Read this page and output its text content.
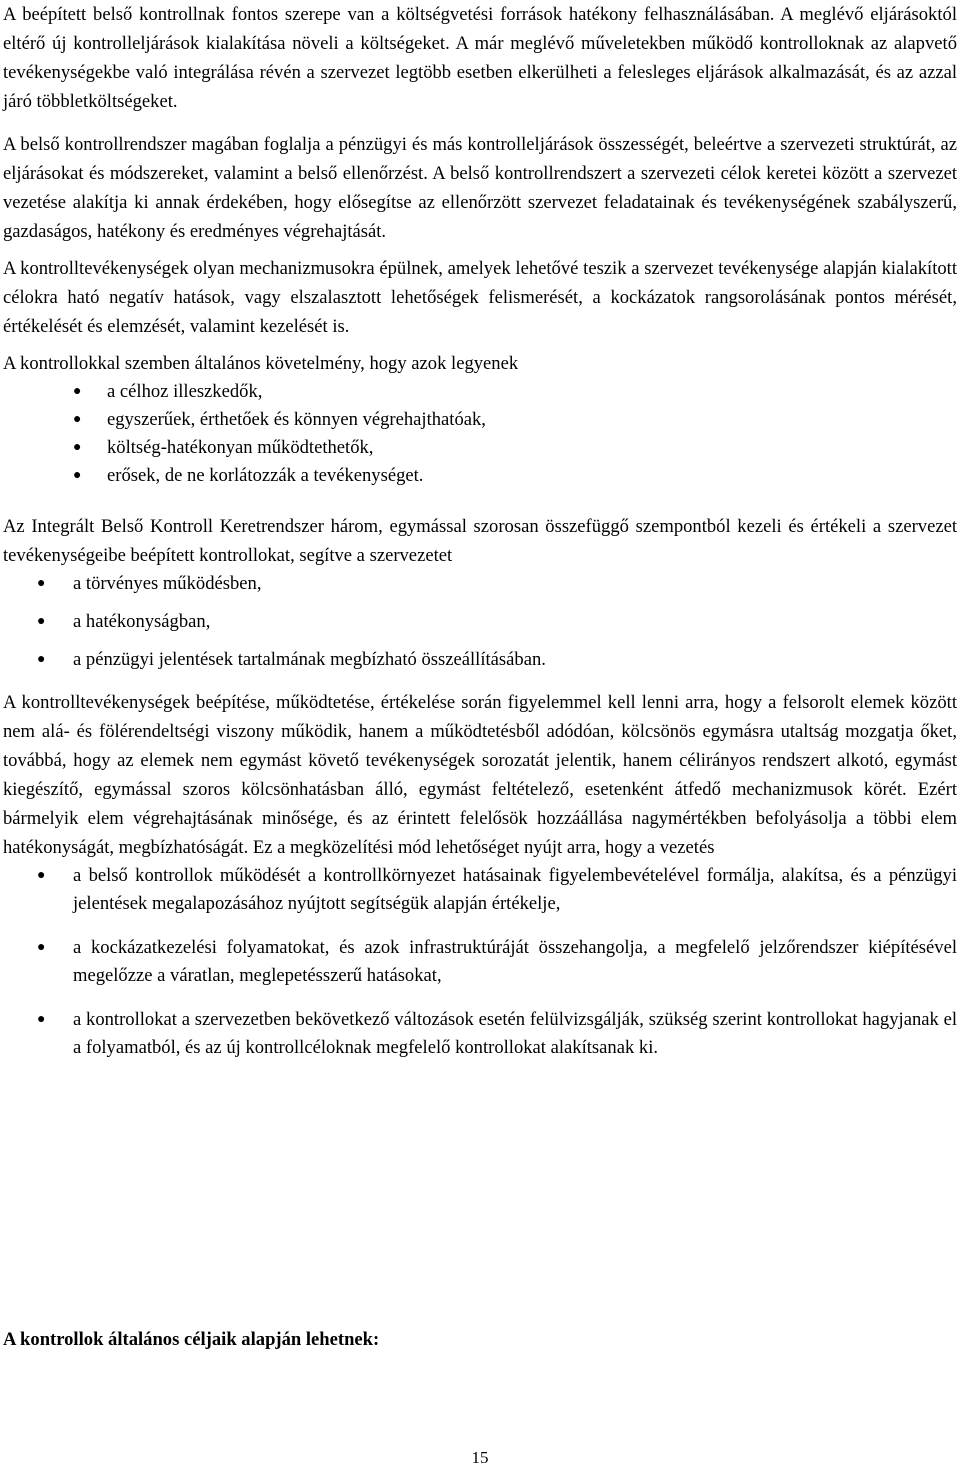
A beépített belső kontrollnak fontos szerepe van a költségvetési források hatékony felhasználásában. A meglévő eljárásoktól eltérő új kontrolleljárások kialakítása növeli a költségeket. A már meglévő műveletekben működő kontrolloknak az alapvető tevékenységekbe való integrálása révén a szervezet legtöbb esetben elkerülheti a felesleges eljárások alkalmazását, és az azzal járó többletköltségeket.

A belső kontrollrendszer magában foglalja a pénzügyi és más kontrolleljárások összességét, beleértve a szervezeti struktúrát, az eljárásokat és módszereket, valamint a belső ellenőrzést. A belső kontrollrendszert a szervezeti célok keretei között a szervezet vezetése alakítja ki annak érdekében, hogy elősegítse az ellenőrzött szervezet feladatainak és tevékenységének szabályszerű, gazdaságos, hatékony és eredményes végrehajtását.

A kontrolltevékenységek olyan mechanizmusokra épülnek, amelyek lehetővé teszik a szervezet tevékenysége alapján kialakított célokra ható negatív hatások, vagy elszalasztott lehetőségek felismerését, a kockázatok rangsorolásának pontos mérését, értékelését és elemzését, valamint kezelését is.

A kontrollokkal szemben általános követelmény, hogy azok legyenek

● a célhoz illeszkedők,
● egyszerűek, érthetőek és könnyen végrehajthatóak,
● költség-hatékonyan működtethetők,
● erősek, de ne korlátozzák a tevékenységet.

Az Integrált Belső Kontroll Keretrendszer három, egymással szorosan összefüggő szempontból kezeli és értékeli a szervezet tevékenységeibe beépített kontrollokat, segítve a szervezetet

● a törvényes működésben,
● a hatékonyságban,
● a pénzügyi jelentések tartalmának megbízható összeállításában.

A kontrolltevékenységek beépítése, működtetése, értékelése során figyelemmel kell lenni arra, hogy a felsorolt elemek között nem alá- és fölérendeltségi viszony működik, hanem a működtetésből adódóan, kölcsönös egymásra utaltság mozgatja őket, továbbá, hogy az elemek nem egymást követő tevékenységek sorozatát jelentik, hanem célirányos rendszert alkotó, egymást kiegészítő, egymással szoros kölcsönhatásban álló, egymást feltételező, esetenként átfedő mechanizmusok körét. Ezért bármelyik elem végrehajtásának minősége, és az érintett felelősök hozzáállása nagymértékben befolyásolja a többi elem hatékonyságát, megbízhatóságát. Ez a megközelítési mód lehetőséget nyújt arra, hogy a vezetés

● a belső kontrollok működését a kontrollkörnyezet hatásainak figyelembevételével formálja, alakítsa, és a pénzügyi jelentések megalapozásához nyújtott segítségük alapján értékelje,
● a kockázatkezelési folyamatokat, és azok infrastruktúráját összehangolja, a megfelelő jelzőrendszer kiépítésével megelőzze a váratlan, meglepetésszerű hatásokat,
● a kontrollokat a szervezetben bekövetkező változások esetén felülvizsgálják, szükség szerint kontrollokat hagyjanak el a folyamatból, és az új kontrollcéloknak megfelelő kontrollokat alakítsanak ki.
A kontrollok általános céljaik alapján lehetnek:
15
